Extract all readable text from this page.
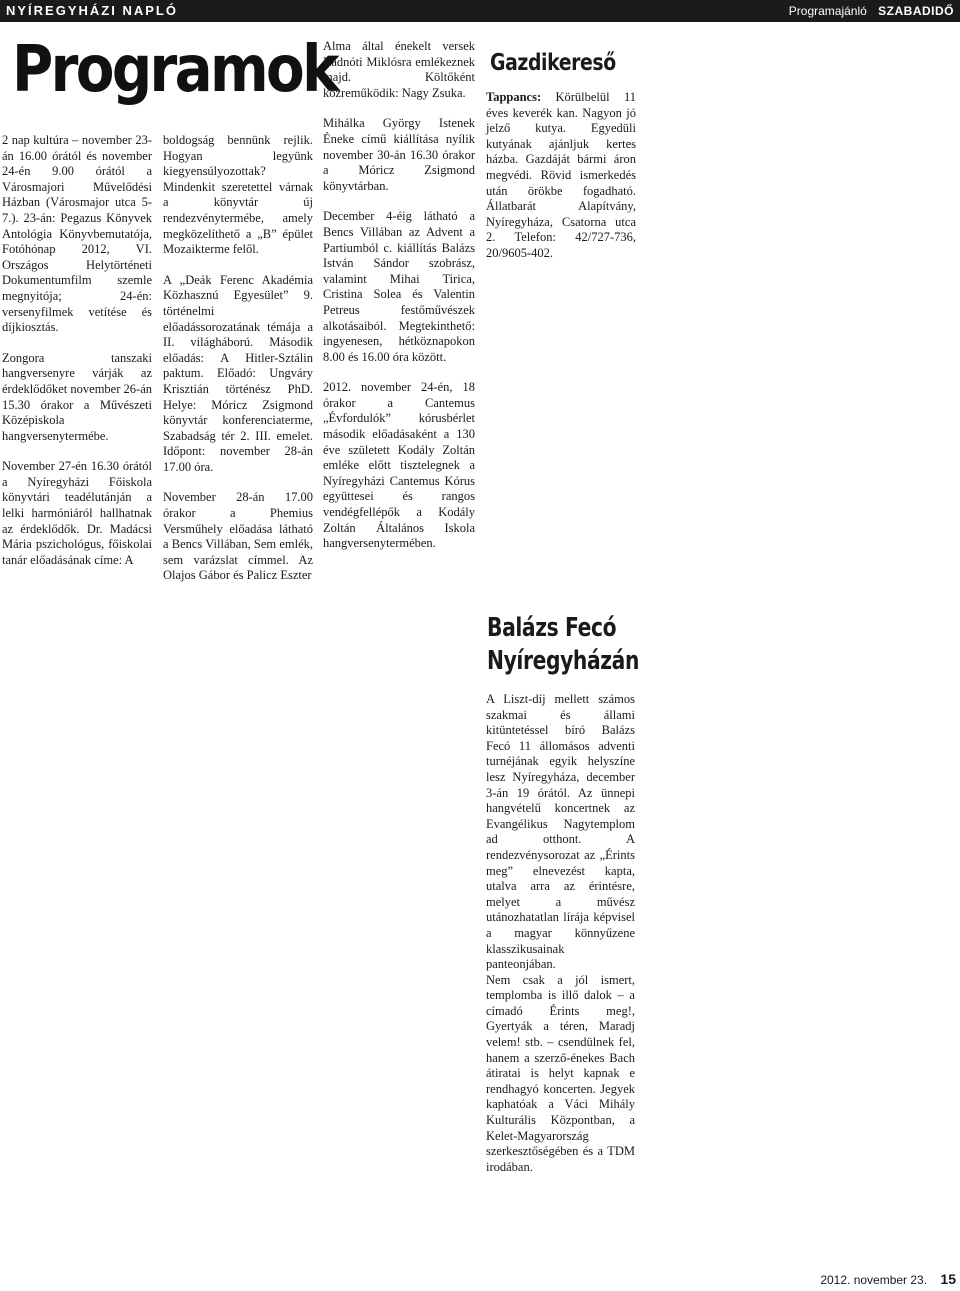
NYÍREGYHÁZI NAPLÓ	Programajánló SZABADIDŐ
Programok

2 nap kultúra – november 23-án 16.00 órától és november 24-én 9.00 órától a Városmajori Művelődési Házban (Városmajor utca 5-7.). 23-án: Pegazus Könyvek Antológia Könyvbemutatója, Fotóhónap 2012, VI. Országos Helytörténeti Dokumentumfilm szemle megnyitója; 24-én: versenyfilmek vetítése és díjkiosztás.

Zongora tanszaki hangversenyre várják az érdeklődőket november 26-án 15.30 órakor a Művészeti Középiskola hangversenytermébe.

November 27-én 16.30 órától a Nyíregyházi Főiskola könyvtári teadélutánján a lelki harmóniáról hallhatnak az érdeklődők. Dr. Madácsi Mária pszichológus, főiskolai tanár előadásának címe: A

boldogság bennünk rejlik. Hogyan legyünk kiegyensúlyozottak? Mindenkit szeretettel várnak a könyvtár új rendezvénytermébe, amely megközelíthető a „B” épület Mozaikterme felől.

A „Deák Ferenc Akadémia Közhasznú Egyesület” 9. történelmi előadássorozatának témája a II. világháború. Második előadás: A Hitler-Sztálin paktum. Előadó: Ungváry Krisztián történész PhD. Helye: Móricz Zsigmond könyvtár konferenciaterme, Szabadság tér 2. III. emelet. Időpont: november 28-án 17.00 óra.

November 28-án 17.00 órakor a Phemius Versműhely előadása látható a Bencs Villában, Sem emlék, sem varázslat címmel. Az Olajos Gábor és Palicz Eszter

Alma által énekelt versek Radnóti Miklósra emlékeznek majd. Költőként közreműködik: Nagy Zsuka.

Mihálka György Istenek Éneke című kiállítása nyílik november 30-án 16.30 órakor a Móricz Zsigmond könyvtárban.

December 4-éig látható a Bencs Villában az Advent a Partiumból c. kiállítás Balázs István Sándor szobrász, valamint Mihai Tirica, Cristina Solea és Valentin Petreus festőművészek alkotásaiból. Megtekinthető: ingyenesen, hétköznapokon 8.00 és 16.00 óra között.

2012. november 24-én, 18 órakor a Cantemus „Évfordulók” kórusbérlet második előadásaként a 130 éve született Kodály Zoltán emléke előtt tisztelegnek a Nyíregyházi Cantemus Kórus együttesei és rangos vendégfellépők a Kodály Zoltán Általános Iskola hangversenytermében.

Gazdikereső
Tappancs: Körülbelül 11 éves keverék kan. Nagyon jó jelző kutya. Egyedüli kutyának ajánljuk kertes házba. Gazdáját bármi áron megvédi. Rövid ismerkedés után örökbe fogadható. Állatbarát Alapítvány, Nyíregyháza, Csatorna utca 2. Telefon: 42/727-736, 20/9605-402.
Balázs Fecó
Nyíregyházán

A Liszt-díj mellett számos szakmai és állami kitüntetéssel bíró Balázs Fecó 11 állomásos adventi turnéjának egyik helyszíne lesz Nyíregyháza, december 3-án 19 órától. Az ünnepi hangvételű koncertnek az Evangélikus Nagytemplom ad otthont. A rendezvénysorozat az „Érints meg” elnevezést kapta, utalva arra az érintésre, melyet a művész utánozhatatlan lírája képvisel a magyar könnyűzene klasszikusainak panteonjában.

Nem csak a jól ismert, templomba is illő dalok – a címadó Érints meg!, Gyertyák a téren, Maradj velem! stb. – csendülnek fel, hanem a szerző-énekes Bach átiratai is helyt kapnak e rendhagyó koncerten. Jegyek kaphatóak a Váci Mihály Kulturális Központban, a Kelet-Magyarország szerkesztőségében és a TDM irodában.

2012. november 23. 15
